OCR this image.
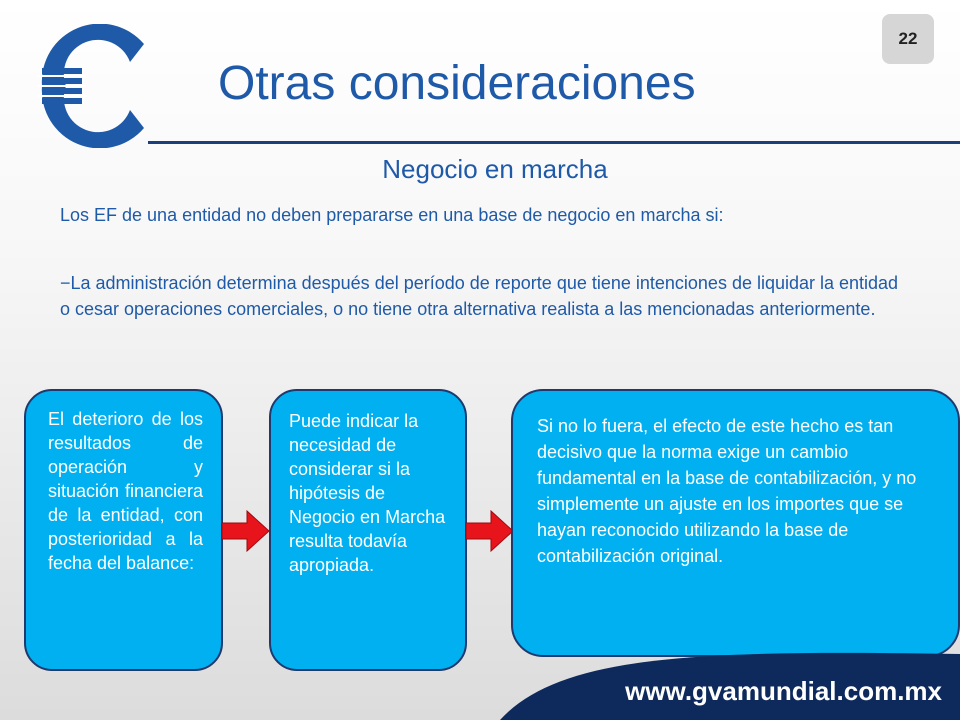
22
Otras consideraciones
Negocio en marcha

Los EF de una entidad no deben prepararse en una base de negocio en marcha si:

−La administración determina después del período de reporte que tiene intenciones de liquidar la entidad o cesar operaciones comerciales, o no tiene otra alternativa realista a las mencionadas anteriormente.

El deterioro de los resultados de operación y situación financiera de la entidad, con posterioridad a la fecha del balance:
Puede indicar la necesidad de considerar si la hipótesis de Negocio en Marcha resulta todavía apropiada.
Si no lo fuera, el efecto de este hecho es tan decisivo que la norma exige un cambio fundamental en la base de contabilización, y no simplemente un ajuste en los importes que se hayan reconocido utilizando la base de contabilización original.
www.gvamundial.com.mx
